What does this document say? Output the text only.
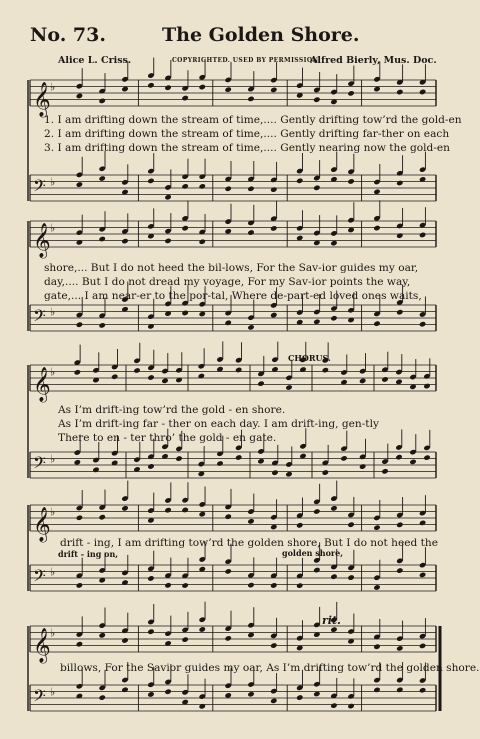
No. 73.	The Golden Shore.
Alice L. Criss.	COPYRIGHTED. USED BY PERMISSION.
Alfred Bierly, Mus. Doc.
𝄞 ♭
𝄢 ♭
𝄞 ♭
𝄢 ♭
𝄞 ♭
𝄢 ♭
𝄞 ♭
𝄢 ♭
𝄞 ♭
𝄢 ♭
1. I am drifting down the stream of time,.... Gently drifting tow’rd the gold-en
2. I am drifting down the stream of time,.... Gently drifting far-ther on each
3. I am drifting down the stream of time,.... Gently nearing now the gold-en
shore,... But I do not heed the bil-lows, For the Sav-ior guides my oar,
day,.... But I do not dread my voyage, For my Sav-ior points the way,
gate,... I am near-er to the por-tal, Where de-part-ed loved ones waits,
CHORUS.
As I’m drift-ing tow’rd the gold - en shore.
As I’m drift-ing far - ther on each day. I am drift-ing, gen-tly
There to en - ter thro’ the gold - en gate.
drift - ing, I am drifting tow’rd the golden shore, But I do not heed the
drift - ing on,	golden shore,
rit.
billows, For the Savior guides my oar, As I’m drifting tow’rd the golden shore.
